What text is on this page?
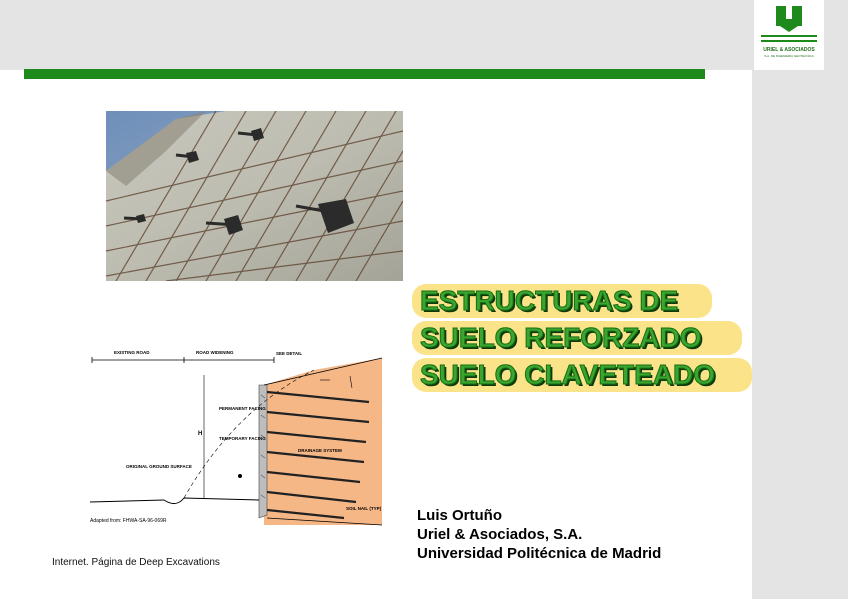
URIEL & ASOCIADOS
S.A. DE INGENIERÍA GEOTÉCNICA
ESTRUCTURAS DE
SUELO REFORZADO
SUELO CLAVETEADO
EXISTING ROAD	ROAD WIDENING	SEE DETAIL
PERMANENT FACING
TEMPORARY FACING
ORIGINAL GROUND SURFACE
DRAINAGE SYSTEM
SOIL NAIL (TYP)
H
Adapted from: FHWA-SA-96-069R
Internet. Página de Deep Excavations
Luis Ortuño
Uriel & Asociados, S.A.
Universidad Politécnica de Madrid
